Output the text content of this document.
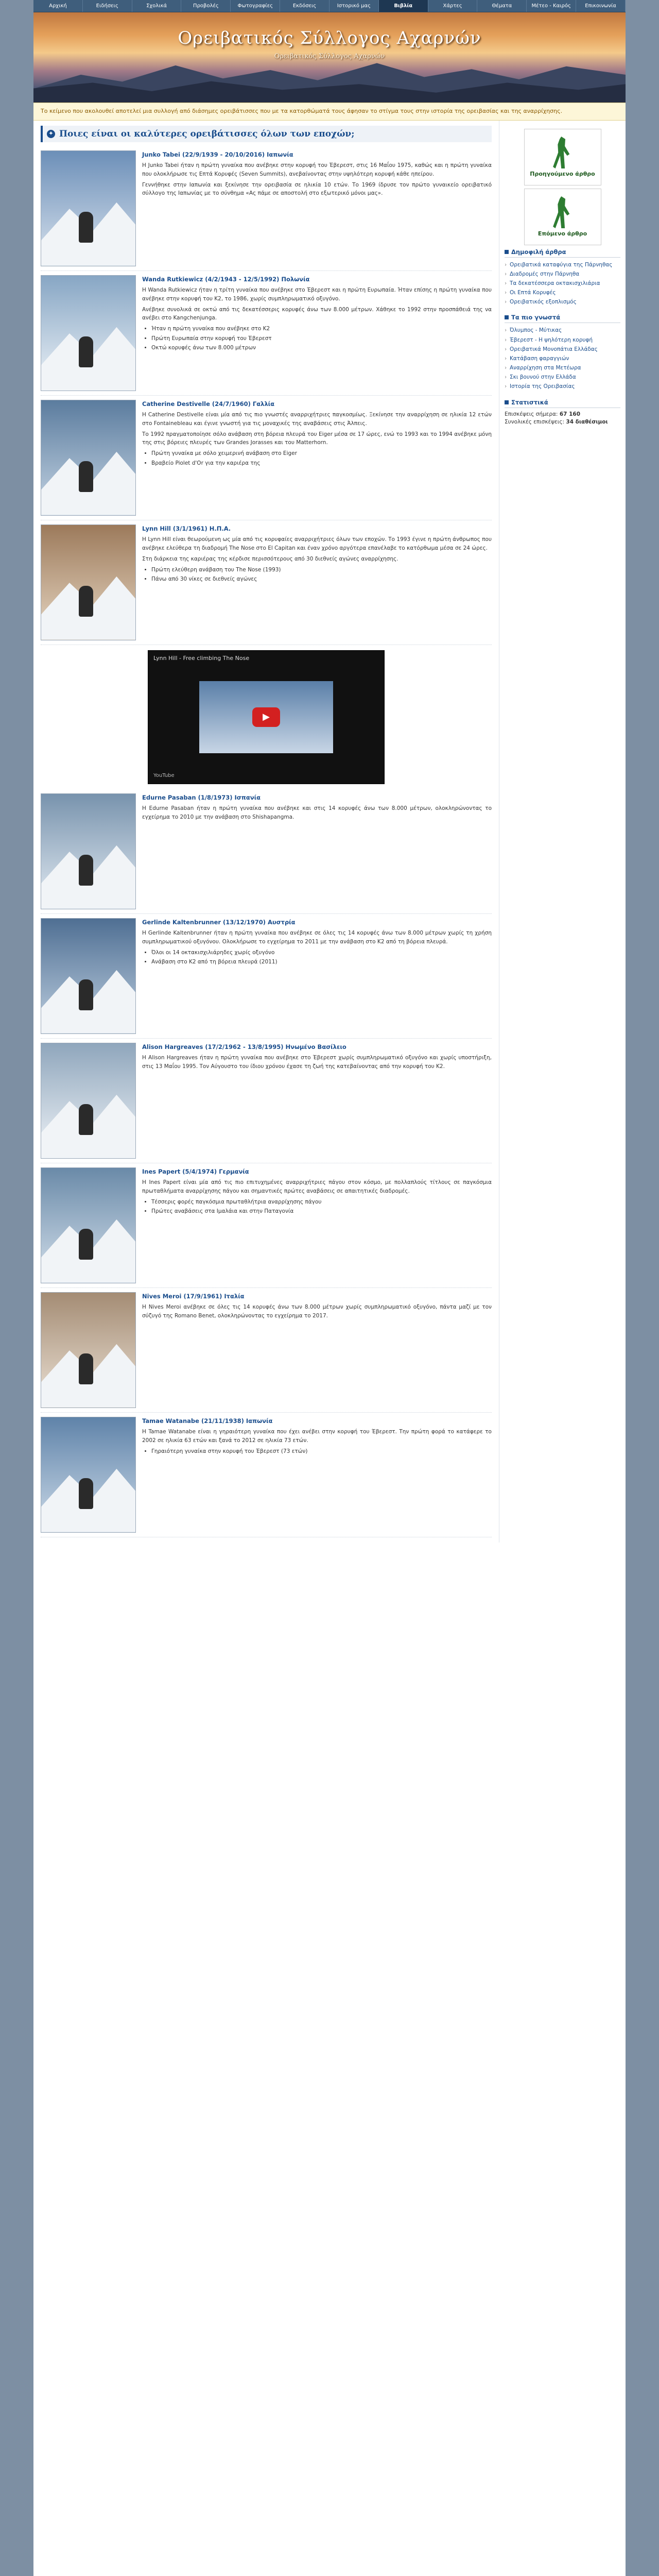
Αρχική	Ειδήσεις	Σχολικά	Προβολές	Φωτογραφίες	Εκδόσεις	Ιστορικό μας	Βιβλία	Χάρτες	Θέματα	Μέτεο - Καιρός	Επικοινωνία
Ορειβατικός Σύλλογος Αχαρνών
Ορειβατικός Σύλλογος Αχαρνών
Το κείμενο που ακολουθεί αποτελεί μια συλλογή από διάσημες ορειβάτισσες που με τα κατορθώματά τους άφησαν το στίγμα τους στην ιστορία της ορειβασίας και της αναρρίχησης.
✦ Ποιες είναι οι καλύτερες ορειβάτισσες όλων των εποχών;
Junko Tabei (22/9/1939 - 20/10/2016) Ιαπωνία

Η Junko Tabei ήταν η πρώτη γυναίκα που ανέβηκε στην κορυφή του Έβερεστ, στις 16 Μαΐου 1975, καθώς και η πρώτη γυναίκα που ολοκλήρωσε τις Επτά Κορυφές (Seven Summits), ανεβαίνοντας στην υψηλότερη κορυφή κάθε ηπείρου.

Γεννήθηκε στην Ιαπωνία και ξεκίνησε την ορειβασία σε ηλικία 10 ετών. Το 1969 ίδρυσε τον πρώτο γυναικείο ορειβατικό σύλλογο της Ιαπωνίας με το σύνθημα «Ας πάμε σε αποστολή στο εξωτερικό μόνοι μας».

Wanda Rutkiewicz (4/2/1943 - 12/5/1992) Πολωνία

Η Wanda Rutkiewicz ήταν η τρίτη γυναίκα που ανέβηκε στο Έβερεστ και η πρώτη Ευρωπαία. Ήταν επίσης η πρώτη γυναίκα που ανέβηκε στην κορυφή του K2, το 1986, χωρίς συμπληρωματικό οξυγόνο.

Ανέβηκε συνολικά σε οκτώ από τις δεκατέσσερις κορυφές άνω των 8.000 μέτρων. Χάθηκε το 1992 στην προσπάθειά της να ανέβει στο Kangchenjunga.

• Ήταν η πρώτη γυναίκα που ανέβηκε στο K2
• Πρώτη Ευρωπαία στην κορυφή του Έβερεστ
• Οκτώ κορυφές άνω των 8.000 μέτρων
Catherine Destivelle (24/7/1960) Γαλλία

Η Catherine Destivelle είναι μία από τις πιο γνωστές αναρριχήτριες παγκοσμίως. Ξεκίνησε την αναρρίχηση σε ηλικία 12 ετών στο Fontainebleau και έγινε γνωστή για τις μοναχικές της αναβάσεις στις Άλπεις.

Το 1992 πραγματοποίησε σόλο ανάβαση στη βόρεια πλευρά του Eiger μέσα σε 17 ώρες, ενώ το 1993 και το 1994 ανέβηκε μόνη της στις βόρειες πλευρές των Grandes Jorasses και του Matterhorn.

• Πρώτη γυναίκα με σόλο χειμερινή ανάβαση στο Eiger
• Βραβείο Piolet d'Or για την καριέρα της
Lynn Hill (3/1/1961) Η.Π.Α.

Η Lynn Hill είναι θεωρούμενη ως μία από τις κορυφαίες αναρριχήτριες όλων των εποχών. Το 1993 έγινε η πρώτη άνθρωπος που ανέβηκε ελεύθερα τη διαδρομή The Nose στο El Capitan και έναν χρόνο αργότερα επανέλαβε το κατόρθωμα μέσα σε 24 ώρες.

Στη διάρκεια της καριέρας της κέρδισε περισσότερους από 30 διεθνείς αγώνες αναρρίχησης.

• Πρώτη ελεύθερη ανάβαση του The Nose (1993)
• Πάνω από 30 νίκες σε διεθνείς αγώνες
Lynn Hill - Free climbing The Nose
▶
YouTube
Edurne Pasaban (1/8/1973) Ισπανία

Η Edurne Pasaban ήταν η πρώτη γυναίκα που ανέβηκε και στις 14 κορυφές άνω των 8.000 μέτρων, ολοκληρώνοντας το εγχείρημα το 2010 με την ανάβαση στο Shishapangma.

Gerlinde Kaltenbrunner (13/12/1970) Αυστρία

Η Gerlinde Kaltenbrunner ήταν η πρώτη γυναίκα που ανέβηκε σε όλες τις 14 κορυφές άνω των 8.000 μέτρων χωρίς τη χρήση συμπληρωματικού οξυγόνου. Ολοκλήρωσε το εγχείρημα το 2011 με την ανάβαση στο K2 από τη βόρεια πλευρά.

• Όλοι οι 14 οκτακισχιλιάρηδες χωρίς οξυγόνο
• Ανάβαση στο K2 από τη βόρεια πλευρά (2011)
Alison Hargreaves (17/2/1962 - 13/8/1995) Ηνωμένο Βασίλειο

Η Alison Hargreaves ήταν η πρώτη γυναίκα που ανέβηκε στο Έβερεστ χωρίς συμπληρωματικό οξυγόνο και χωρίς υποστήριξη, στις 13 Μαΐου 1995. Τον Αύγουστο του ίδιου χρόνου έχασε τη ζωή της κατεβαίνοντας από την κορυφή του K2.

Ines Papert (5/4/1974) Γερμανία

Η Ines Papert είναι μία από τις πιο επιτυχημένες αναρριχήτριες πάγου στον κόσμο, με πολλαπλούς τίτλους σε παγκόσμια πρωταθλήματα αναρρίχησης πάγου και σημαντικές πρώτες αναβάσεις σε απαιτητικές διαδρομές.

• Τέσσερις φορές παγκόσμια πρωταθλήτρια αναρρίχησης πάγου
• Πρώτες αναβάσεις στα Ιμαλάια και στην Παταγονία
Nives Meroi (17/9/1961) Ιταλία

Η Nives Meroi ανέβηκε σε όλες τις 14 κορυφές άνω των 8.000 μέτρων χωρίς συμπληρωματικό οξυγόνο, πάντα μαζί με τον σύζυγό της Romano Benet, ολοκληρώνοντας το εγχείρημα το 2017.

Tamae Watanabe (21/11/1938) Ιαπωνία

Η Tamae Watanabe είναι η γηραιότερη γυναίκα που έχει ανέβει στην κορυφή του Έβερεστ. Την πρώτη φορά το κατάφερε το 2002 σε ηλικία 63 ετών και ξανά το 2012 σε ηλικία 73 ετών.

• Γηραιότερη γυναίκα στην κορυφή του Έβερεστ (73 ετών)
Προηγούμενο άρθρο
Επόμενο άρθρο
Δημοφιλή άρθρα
› Ορειβατικά καταφύγια της Πάρνηθας
› Διαδρομές στην Πάρνηθα
› Τα δεκατέσσερα οκτακισχιλιάρια
› Οι Επτά Κορυφές
› Ορειβατικός εξοπλισμός
Τα πιο γνωστά
› Όλυμπος - Μύτικας
› Έβερεστ - Η ψηλότερη κορυφή
› Ορειβατικά Μονοπάτια Ελλάδας
› Κατάβαση φαραγγιών
› Αναρρίχηση στα Μετέωρα
› Σκι βουνού στην Ελλάδα
› Ιστορία της Ορειβασίας
Στατιστικά
Επισκέψεις σήμερα: 67 160
Συνολικές επισκέψεις: 34 διαθέσιμοι
